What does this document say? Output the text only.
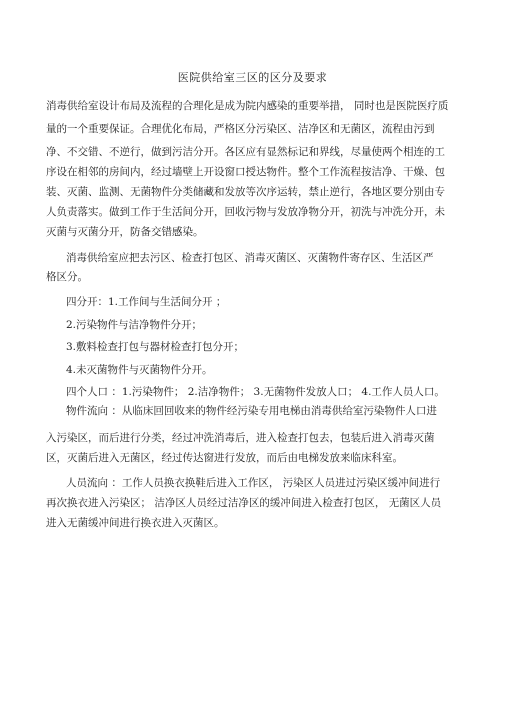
医院供给室三区的区分及要求
消毒供给室设计布局及流程的合理化是成为院内感染的重要举措， 同时也是医院医疗质
量的一个重要保证。合理优化布局，严格区分污染区、洁净区和无菌区，流程由污到
净、不交错、不逆行，做到污洁分开。各区应有显然标记和界线，尽量使两个相连的工
序设在相邻的房间内，经过墙壁上开设窗口授达物件。整个工作流程按洁净、干燥、包
装、灭菌、监测、无菌物件分类储藏和发放等次序运转，禁止逆行，各地区要分别由专
人负责落实。做到工作于生活间分开，回收污物与发放净物分开，初洗与冲洗分开，未
灭菌与灭菌分开，防备交错感染。
消毒供给室应把去污区、检查打包区、消毒灭菌区、灭菌物件寄存区、生活区严
格区分。
四分开：1.工作间与生活间分开 ；
2.污染物件与洁净物件分开；
3.敷料检查打包与器材检查打包分开；
4.未灭菌物件与灭菌物件分开。
四个人口 ：1.污染物件； 2.洁净物件； 3.无菌物件发放人口； 4.工作人员人口。
物件流向 ：从临床回回收来的物件经污染专用电梯由消毒供给室污染物件人口进
入污染区，而后进行分类，经过冲洗消毒后，进入检查打包去，包装后进入消毒灭菌
区，灭菌后进入无菌区，经过传达窗进行发放，而后由电梯发放来临床科室。
人员流向 ：工作人员换衣换鞋后进入工作区， 污染区人员进过污染区缓冲间进行
再次换衣进入污染区； 洁净区人员经过洁净区的缓冲间进入检查打包区， 无菌区人员
进入无菌缓冲间进行换衣进入灭菌区。
